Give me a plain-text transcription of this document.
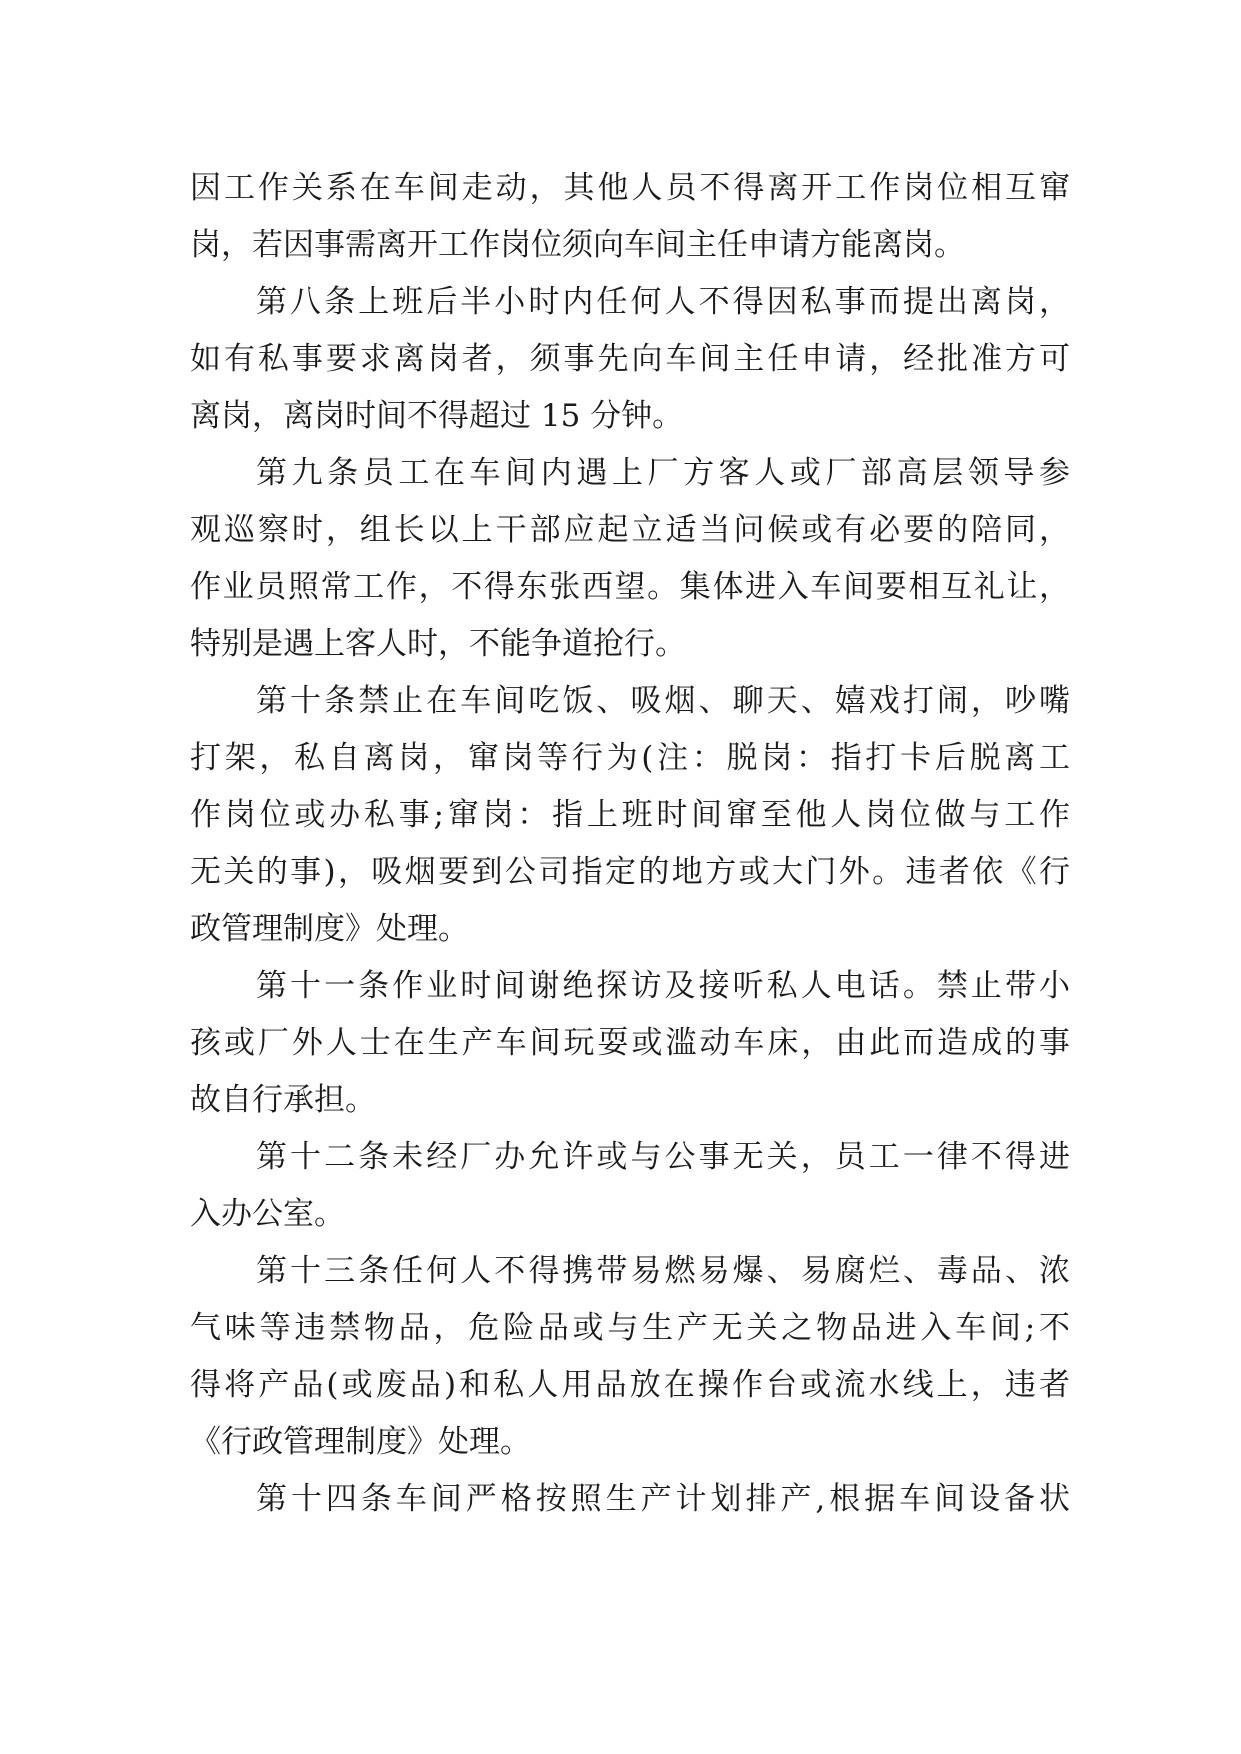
因工作关系在车间走动，其他人员不得离开工作岗位相互窜
岗，若因事需离开工作岗位须向车间主任申请方能离岗。
第八条上班后半小时内任何人不得因私事而提出离岗，
如有私事要求离岗者，须事先向车间主任申请，经批准方可
离岗，离岗时间不得超过 15 分钟。
第九条员工在车间内遇上厂方客人或厂部高层领导参
观巡察时，组长以上干部应起立适当问候或有必要的陪同，
作业员照常工作，不得东张西望。集体进入车间要相互礼让，
特别是遇上客人时，不能争道抢行。
第十条禁止在车间吃饭、吸烟、聊天、嬉戏打闹，吵嘴
打架，私自离岗，窜岗等行为(注：脱岗：指打卡后脱离工
作岗位或办私事;窜岗：指上班时间窜至他人岗位做与工作
无关的事)，吸烟要到公司指定的地方或大门外。违者依《行
政管理制度》处理。
第十一条作业时间谢绝探访及接听私人电话。禁止带小
孩或厂外人士在生产车间玩耍或滥动车床，由此而造成的事
故自行承担。
第十二条未经厂办允许或与公事无关，员工一律不得进
入办公室。
第十三条任何人不得携带易燃易爆、易腐烂、毒品、浓
气味等违禁物品，危险品或与生产无关之物品进入车间;不
得将产品(或废品)和私人用品放在操作台或流水线上，违者
《行政管理制度》处理。
第十四条车间严格按照生产计划排产,根据车间设备状
